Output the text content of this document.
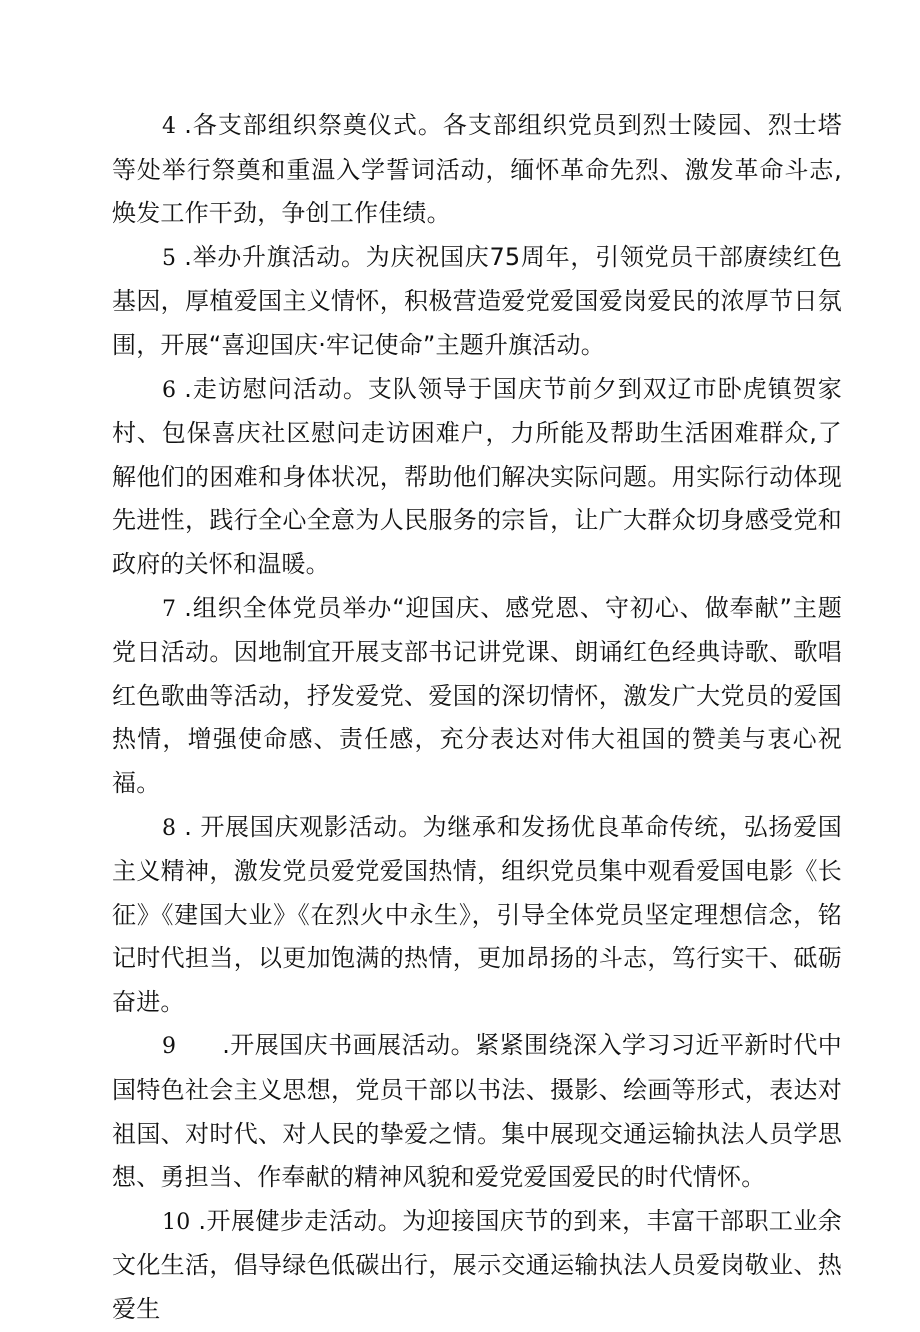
4 .各支部组织祭奠仪式。各支部组织党员到烈士陵园、烈士塔等处举行祭奠和重温入学誓词活动，缅怀革命先烈、激发革命斗志,焕发工作干劲，争创工作佳绩。

5 .举办升旗活动。为庆祝国庆75周年，引领党员干部赓续红色基因，厚植爱国主义情怀，积极营造爱党爱国爱岗爱民的浓厚节日氛围，开展“喜迎国庆·牢记使命”主题升旗活动。

6 .走访慰问活动。支队领导于国庆节前夕到双辽市卧虎镇贺家村、包保喜庆社区慰问走访困难户，力所能及帮助生活困难群众,了解他们的困难和身体状况，帮助他们解决实际问题。用实际行动体现先进性，践行全心全意为人民服务的宗旨，让广大群众切身感受党和政府的关怀和温暖。

7 .组织全体党员举办“迎国庆、感党恩、守初心、做奉献”主题党日活动。因地制宜开展支部书记讲党课、朗诵红色经典诗歌、歌唱红色歌曲等活动，抒发爱党、爱国的深切情怀，激发广大党员的爱国热情，增强使命感、责任感，充分表达对伟大祖国的赞美与衷心祝福。

8 . 开展国庆观影活动。为继承和发扬优良革命传统，弘扬爱国主义精神，激发党员爱党爱国热情，组织党员集中观看爱国电影《长征》《建国大业》《在烈火中永生》，引导全体党员坚定理想信念，铭记时代担当，以更加饱满的热情，更加昂扬的斗志，笃行实干、砥砺奋进。

9 .开展国庆书画展活动。紧紧围绕深入学习习近平新时代中国特色社会主义思想，党员干部以书法、摄影、绘画等形式，表达对祖国、对时代、对人民的挚爱之情。集中展现交通运输执法人员学思想、勇担当、作奉献的精神风貌和爱党爱国爱民的时代情怀。

10 .开展健步走活动。为迎接国庆节的到来，丰富干部职工业余文化生活，倡导绿色低碳出行，展示交通运输执法人员爱岗敬业、热爱生
